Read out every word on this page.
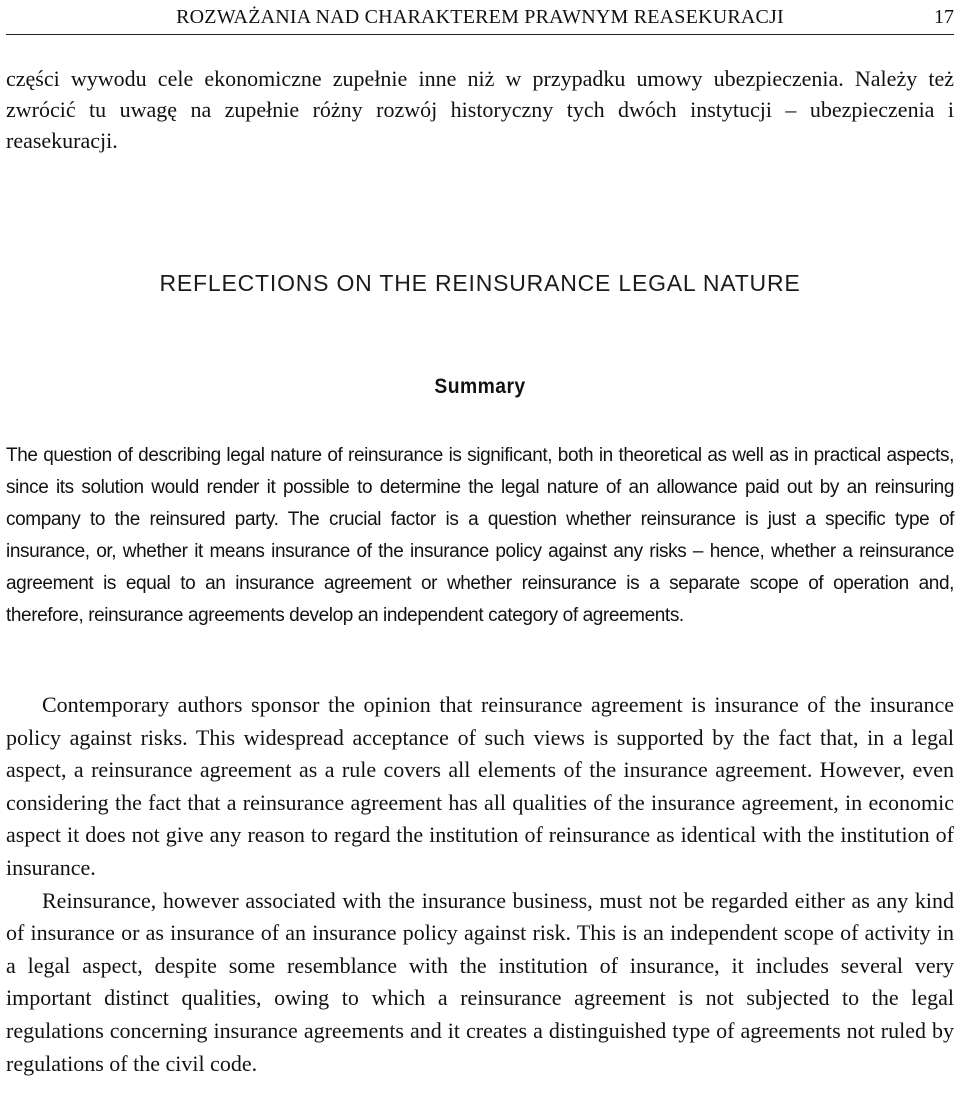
ROZWAŻANIA NAD CHARAKTEREM PRAWNYM REASEKURACJI	17

części wywodu cele ekonomiczne zupełnie inne niż w przypadku umowy ubezpieczenia. Należy też zwrócić tu uwagę na zupełnie różny rozwój historyczny tych dwóch instytucji – ubezpieczenia i reasekuracji.

REFLECTIONS ON THE REINSURANCE LEGAL NATURE
Summary

The question of describing legal nature of reinsurance is significant, both in theoretical as well as in practical aspects, since its solution would render it possible to determine the legal nature of an allowance paid out by an reinsuring company to the reinsured party. The crucial factor is a question whether reinsurance is just a specific type of insurance, or, whether it means insurance of the insurance policy against any risks – hence, whether a reinsurance agreement is equal to an insurance agreement or whether reinsurance is a separate scope of operation and, therefore, reinsurance agreements develop an independent category of agreements.

Contemporary authors sponsor the opinion that reinsurance agreement is insurance of the insurance policy against risks. This widespread acceptance of such views is supported by the fact that, in a legal aspect, a reinsurance agreement as a rule covers all elements of the insurance agreement. However, even considering the fact that a reinsurance agreement has all qualities of the insurance agreement, in economic aspect it does not give any reason to regard the institution of reinsurance as identical with the institution of insurance.

Reinsurance, however associated with the insurance business, must not be regarded either as any kind of insurance or as insurance of an insurance policy against risk. This is an independent scope of activity in a legal aspect, despite some resemblance with the institution of insurance, it includes several very important distinct qualities, owing to which a reinsurance agreement is not subjected to the legal regulations concerning insurance agreements and it creates a distinguished type of agreements not ruled by regulations of the civil code.
